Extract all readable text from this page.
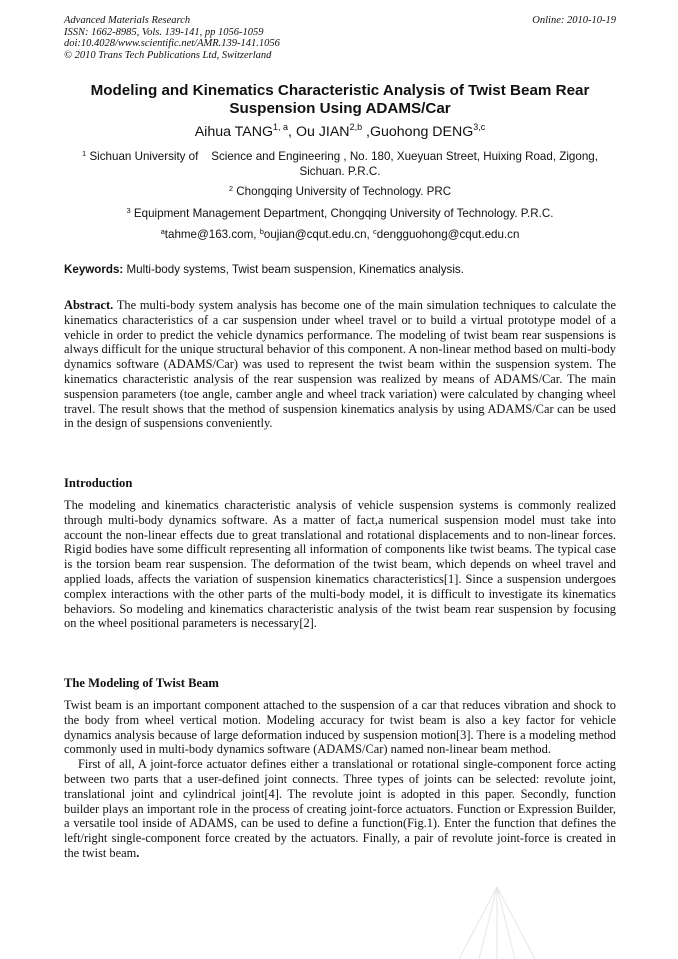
Advanced Materials Research	Online: 2010-10-19
ISSN: 1662-8985, Vols. 139-141, pp 1056-1059
doi:10.4028/www.scientific.net/AMR.139-141.1056
© 2010 Trans Tech Publications Ltd, Switzerland
Modeling and Kinematics Characteristic Analysis of Twist Beam Rear Suspension Using ADAMS/Car
Aihua TANG$^{1, a}$, Ou JIAN$^{2,b}$ ,Guohong DENG$^{3,c}$
$^1$ Sichuan University of    Science and Engineering , No. 180, Xueyuan Street, Huixing Road, Zigong, Sichuan. P.R.C.
$^2$ Chongqing University of Technology. PRC
$^3$ Equipment Management Department, Chongqing University of Technology. P.R.C.
$^a$tahme@163.com, $^b$oujian@cqut.edu.cn, $^c$dengguohong@cqut.edu.cn
Keywords: Multi-body systems, Twist beam suspension, Kinematics analysis.
Abstract. The multi-body system analysis has become one of the main simulation techniques to calculate the kinematics characteristics of a car suspension under wheel travel or to build a virtual prototype model of a vehicle in order to predict the vehicle dynamics performance. The modeling of twist beam rear suspensions is always difficult for the unique structural behavior of this component. A non-linear method based on multi-body dynamics software (ADAMS/Car) was used to represent the twist beam within the suspension system. The kinematics characteristic analysis of the rear suspension was realized by means of ADAMS/Car. The main suspension parameters (toe angle, camber angle and wheel track variation) were calculated by changing wheel travel. The result shows that the method of suspension kinematics analysis by using ADAMS/Car can be used in the design of suspensions conveniently.
Introduction
The modeling and kinematics characteristic analysis of vehicle suspension systems is commonly realized through multi-body dynamics software. As a matter of fact,a numerical suspension model must take into account the non-linear effects due to great translational and rotational displacements and to non-linear forces. Rigid bodies have some difficult representing all information of components like twist beams. The typical case is the torsion beam rear suspension. The deformation of the twist beam, which depends on wheel travel and applied loads, affects the variation of suspension kinematics characteristics[1]. Since a suspension undergoes complex interactions with the other parts of the multi-body model, it is difficult to investigate its kinematics behaviors. So modeling and kinematics characteristic analysis of the twist beam rear suspension by focusing on the wheel positional parameters is necessary[2].
The Modeling of Twist Beam
Twist beam is an important component attached to the suspension of a car that reduces vibration and shock to the body from wheel vertical motion. Modeling accuracy for twist beam is also a key factor for vehicle dynamics analysis because of large deformation induced by suspension motion[3]. There is a modeling method commonly used in multi-body dynamics software (ADAMS/Car) named non-linear beam method.
First of all, A joint-force actuator defines either a translational or rotational single-component force acting between two parts that a user-defined joint connects. Three types of joints can be selected: revolute joint, translational joint and cylindrical joint[4]. The revolute joint is adopted in this paper. Secondly, function builder plays an important role in the process of creating joint-force actuators. Function or Expression Builder, a versatile tool inside of ADAMS, can be used to define a function(Fig.1). Enter the function that defines the left/right single-component force created by the actuators. Finally, a pair of revolute joint-force is created in the twist beam.
